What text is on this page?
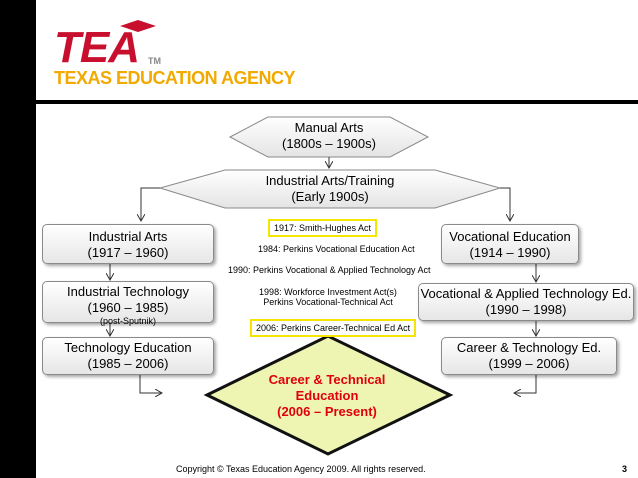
TEA TM
TEXAS EDUCATION AGENCY
Manual Arts
(1800s – 1900s)
Industrial Arts/Training
(Early 1900s)
Industrial Arts
(1917 – 1960)
Industrial Technology
(1960 – 1985)
(post-Sputnik)
Technology Education
(1985 – 2006)
Vocational Education
(1914 – 1990)
Vocational & Applied Technology Ed.
(1990 – 1998)
Career & Technology Ed.
(1999 – 2006)
1917: Smith-Hughes Act
1984: Perkins Vocational Education Act
1990: Perkins Vocational & Applied Technology Act
1998: Workforce Investment Act(s)
Perkins Vocational-Technical Act
2006: Perkins Career-Technical Ed Act
Career & Technical
Education
(2006 – Present)
Copyright © Texas Education Agency 2009. All rights reserved.	3
